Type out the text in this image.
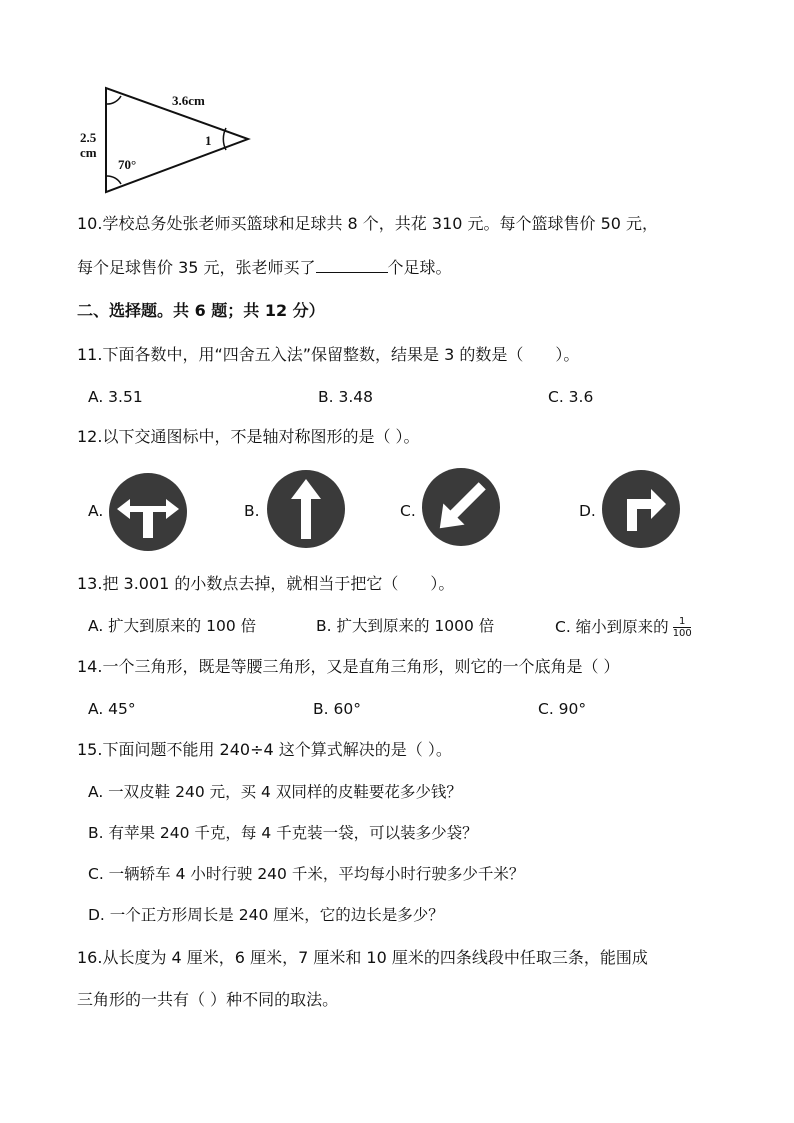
3.6cm
2.5
cm
70°
1
10.学校总务处张老师买篮球和足球共 8 个，共花 310 元。每个篮球售价 50 元，
每个足球售价 35 元，张老师买了	个足球。
二、选择题。共 6 题；共 12 分）
11.下面各数中，用“四舍五入法”保留整数，结果是 3 的数是（　　）。
A. 3.51	B. 3.48	C. 3.6
12.以下交通图标中，不是轴对称图形的是（ ）。
A.	B.	C.	D.
13.把 3.001 的小数点去掉，就相当于把它（　　）。
A. 扩大到原来的 100 倍	B. 扩大到原来的 1000 倍	C. 缩小到原来的 $\frac{1}{100}$
14.一个三角形，既是等腰三角形，又是直角三角形，则它的一个底角是（ ）
A. 45°	B. 60°	C. 90°
15.下面问题不能用 240÷4 这个算式解决的是（ ）。
A. 一双皮鞋 240 元，买 4 双同样的皮鞋要花多少钱？
B. 有苹果 240 千克，每 4 千克装一袋，可以装多少袋？
C. 一辆轿车 4 小时行驶 240 千米，平均每小时行驶多少千米？
D. 一个正方形周长是 240 厘米，它的边长是多少？
16.从长度为 4 厘米，6 厘米，7 厘米和 10 厘米的四条线段中任取三条，能围成
三角形的一共有（ ）种不同的取法。
